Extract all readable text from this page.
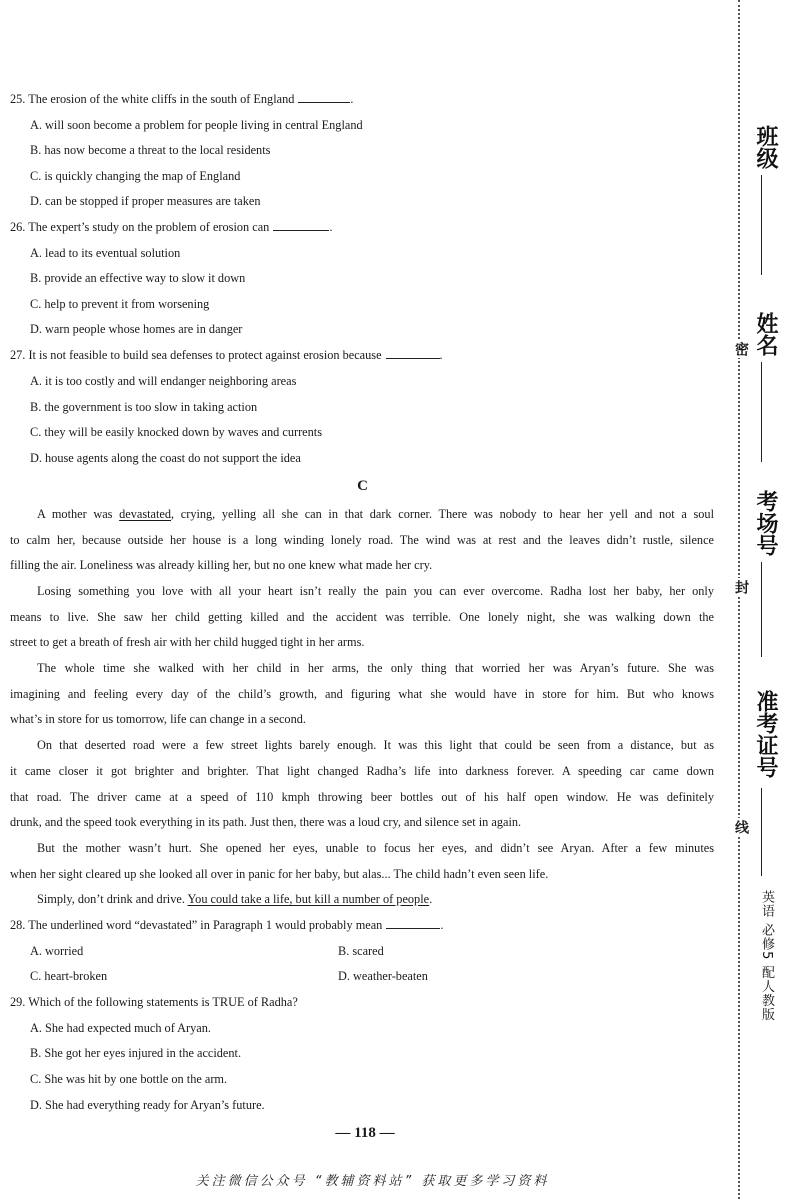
25. The erosion of the white cliffs in the south of England	.
A. will soon become a problem for people living in central England
B. has now become a threat to the local residents
C. is quickly changing the map of England
D. can be stopped if proper measures are taken
26. The expert’s study on the problem of erosion can	.
A. lead to its eventual solution
B. provide an effective way to slow it down
C. help to prevent it from worsening
D. warn people whose homes are in danger
27. It is not feasible to build sea defenses to protect against erosion because	.
A. it is too costly and will endanger neighboring areas
B. the government is too slow in taking action
C. they will be easily knocked down by waves and currents
D. house agents along the coast do not support the idea
C
A mother was devastated, crying, yelling all she can in that dark corner. There was nobody to hear her yell and not a soul
to calm her, because outside her house is a long winding lonely road. The wind was at rest and the leaves didn’t rustle, silence
filling the air. Loneliness was already killing her, but no one knew what made her cry.
Losing something you love with all your heart isn’t really the pain you can ever overcome. Radha lost her baby, her only
means to live. She saw her child getting killed and the accident was terrible. One lonely night, she was walking down the
street to get a breath of fresh air with her child hugged tight in her arms.
The whole time she walked with her child in her arms, the only thing that worried her was Aryan’s future. She was
imagining and feeling every day of the child’s growth, and figuring what she would have in store for him. But who knows
what’s in store for us tomorrow, life can change in a second.
On that deserted road were a few street lights barely enough. It was this light that could be seen from a distance, but as
it came closer it got brighter and brighter. That light changed Radha’s life into darkness forever. A speeding car came down
that road. The driver came at a speed of 110 kmph throwing beer bottles out of his half open window. He was definitely
drunk, and the speed took everything in its path. Just then, there was a loud cry, and silence set in again.
But the mother wasn’t hurt. She opened her eyes, unable to focus her eyes, and didn’t see Aryan. After a few minutes
when her sight cleared up she looked all over in panic for her baby, but alas... The child hadn’t even seen life.
Simply, don’t drink and drive. You could take a life, but kill a number of people.
28. The underlined word “devastated” in Paragraph 1 would probably mean	.
A. worried	B. scared
C. heart-broken	D. weather-beaten
29. Which of the following statements is TRUE of Radha?
A. She had expected much of Aryan.
B. She got her eyes injured in the accident.
C. She was hit by one bottle on the arm.
D. She had everything ready for Aryan’s future.
— 118 —
关注微信公众号 “教辅资料站” 获取更多学习资料
班级
姓名
考场号
准考证号
密
封
线
英语 必修5 配人教版
